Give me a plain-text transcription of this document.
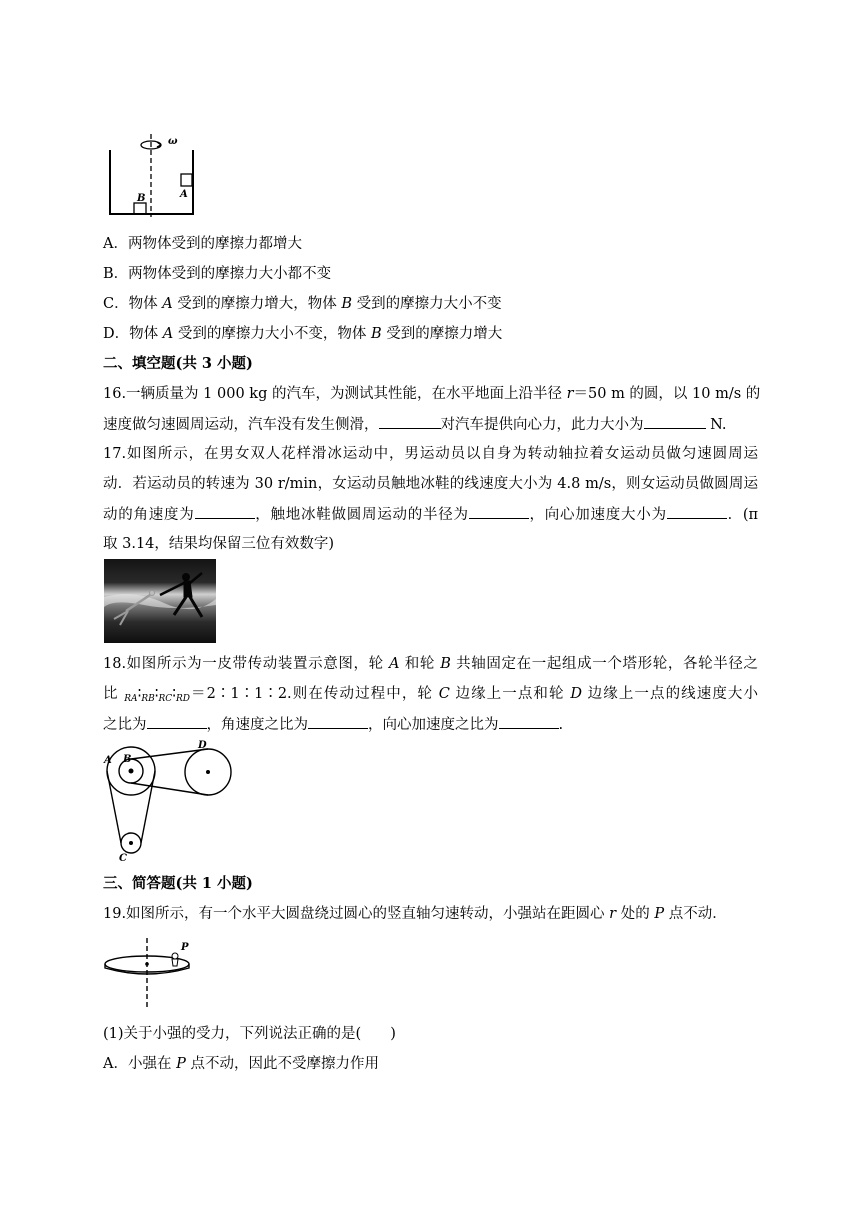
ω
A
B
A．两物体受到的摩擦力都增大
B．两物体受到的摩擦力大小都不变
C．物体 A 受到的摩擦力增大，物体 B 受到的摩擦力大小不变
D．物体 A 受到的摩擦力大小不变，物体 B 受到的摩擦力增大
二、填空题(共 3 小题)
16.一辆质量为 1 000 kg 的汽车，为测试其性能，在水平地面上沿半径 r＝50 m 的圆，以 10 m/s 的
速度做匀速圆周运动，汽车没有发生侧滑，	对汽车提供向心力，此力大小为	N.
17.如图所示，在男女双人花样滑冰运动中，男运动员以自身为转动轴拉着女运动员做匀速圆周运
动．若运动员的转速为 30 r/min，女运动员触地冰鞋的线速度大小为 4.8 m/s，则女运动员做圆周运
动的角速度为	，触地冰鞋做圆周运动的半径为	，向心加速度大小为	．(π
取 3.14，结果均保留三位有效数字)
18.如图所示为一皮带传动装置示意图，轮 A 和轮 B 共轴固定在一起组成一个塔形轮，各轮半径之
比 $_{RA}∶_{RB}∶_{RC}∶_{RD}=2∶1∶1∶2$.则在传动过程中，轮 C 边缘上一点和轮 D 边缘上一点的线速度大小
之比为	，角速度之比为	，向心加速度之比为	.
A B
D
C
三、简答题(共 1 小题)
19.如图所示，有一个水平大圆盘绕过圆心的竖直轴匀速转动，小强站在距圆心 r 处的 P 点不动．
P
(1)关于小强的受力，下列说法正确的是(　　)
A．小强在 P 点不动，因此不受摩擦力作用
